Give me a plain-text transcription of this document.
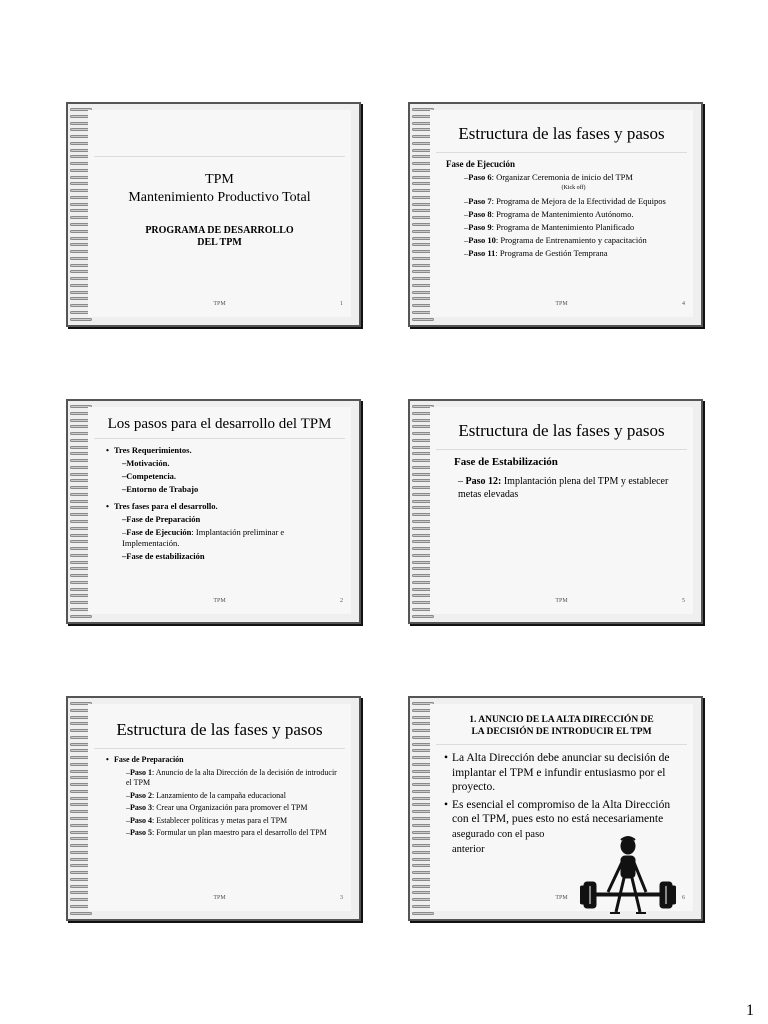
TPM
Mantenimiento Productivo Total
PROGRAMA DE DESARROLLO
DEL TPM
TPM	1
Estructura de las fases y pasos
Fase de Ejecución
– Paso 6: Organizar Ceremonia de inicio del TPM
(Kick off)
– Paso 7: Programa de Mejora de la Efectividad de Equipos
– Paso 8: Programa de Mantenimiento Autónomo.
– Paso 9: Programa de Mantenimiento Planificado
– Paso 10: Programa de Entrenamiento y capacitación
– Paso 11: Programa de Gestión Temprana
TPM	4
Los pasos para el desarrollo del TPM
• Tres Requerimientos.
– Motivación.
– Competencia.
– Entorno de Trabajo
• Tres fases para el desarrollo.
– Fase de Preparación
– Fase de Ejecución: Implantación preliminar e Implementación.
– Fase de estabilización
TPM	2
Estructura de las fases y pasos
Fase de Estabilización
– Paso 12: Implantación plena del TPM y establecer metas elevadas
TPM	5
Estructura de las fases y pasos
• Fase de Preparación
– Paso 1: Anuncio de la alta Dirección de la decisión de introducir el TPM
– Paso 2: Lanzamiento de la campaña educacional
– Paso 3: Crear una Organización para promover el TPM
– Paso 4: Establecer políticas y metas para el TPM
– Paso 5: Formular un plan maestro para el desarrollo del TPM
TPM	3
1. ANUNCIO DE LA ALTA DIRECCIÓN DE
LA DECISIÓN DE INTRODUCIR EL TPM
• La Alta Dirección debe anunciar su decisión de implantar el TPM e infundir entusiasmo por el proyecto.
• Es esencial el compromiso de la Alta Dirección con el TPM, pues esto no está necesariamente
asegurado con el paso anterior
TPM	6
1
